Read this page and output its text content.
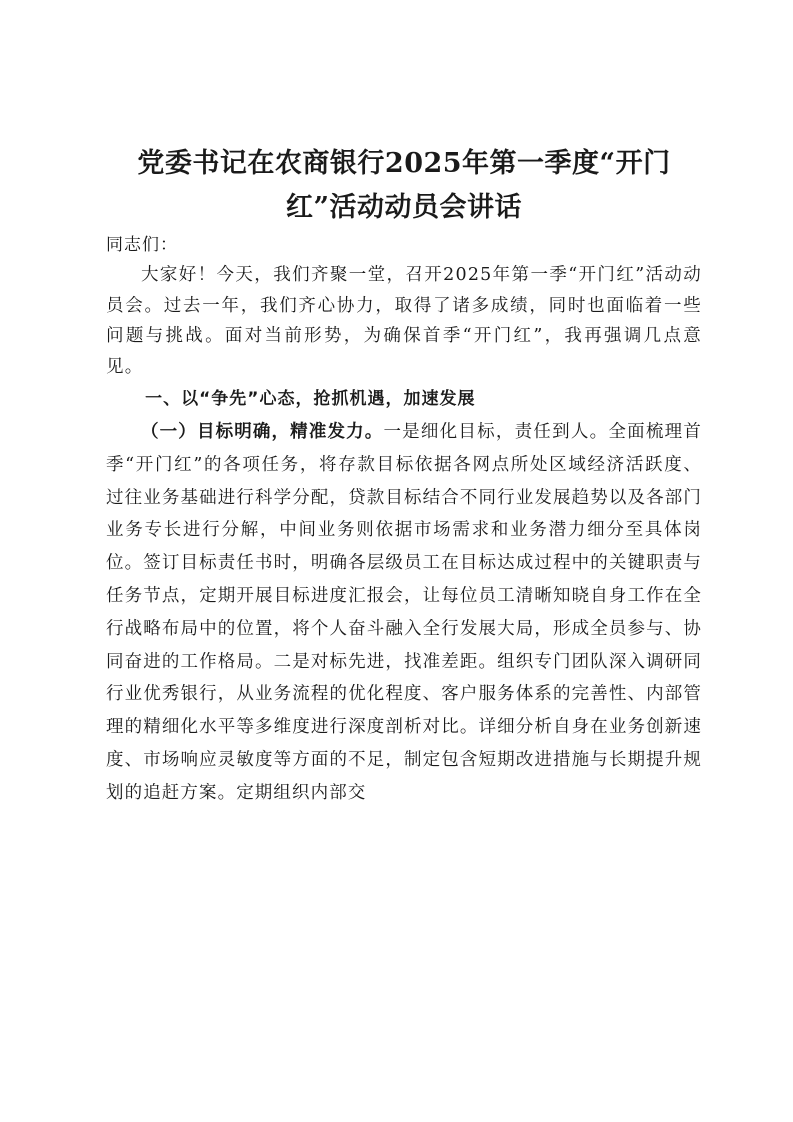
党委书记在农商银行2025年第一季度“开门
红”活动动员会讲话

同志们：

大家好！今天，我们齐聚一堂，召开2025年第一季“开门红”活动动员会。过去一年，我们齐心协力，取得了诸多成绩，同时也面临着一些问题与挑战。面对当前形势，为确保首季“开门红”，我再强调几点意见。

一、以“争先”心态，抢抓机遇，加速发展

（一）目标明确，精准发力。一是细化目标，责任到人。全面梳理首季“开门红”的各项任务，将存款目标依据各网点所处区域经济活跃度、过往业务基础进行科学分配，贷款目标结合不同行业发展趋势以及各部门业务专长进行分解，中间业务则依据市场需求和业务潜力细分至具体岗位。签订目标责任书时，明确各层级员工在目标达成过程中的关键职责与任务节点，定期开展目标进度汇报会，让每位员工清晰知晓自身工作在全行战略布局中的位置，将个人奋斗融入全行发展大局，形成全员参与、协同奋进的工作格局。二是对标先进，找准差距。组织专门团队深入调研同行业优秀银行，从业务流程的优化程度、客户服务体系的完善性、内部管理的精细化水平等多维度进行深度剖析对比。详细分析自身在业务创新速度、市场响应灵敏度等方面的不足，制定包含短期改进措施与长期提升规划的追赶方案。定期组织内部交
